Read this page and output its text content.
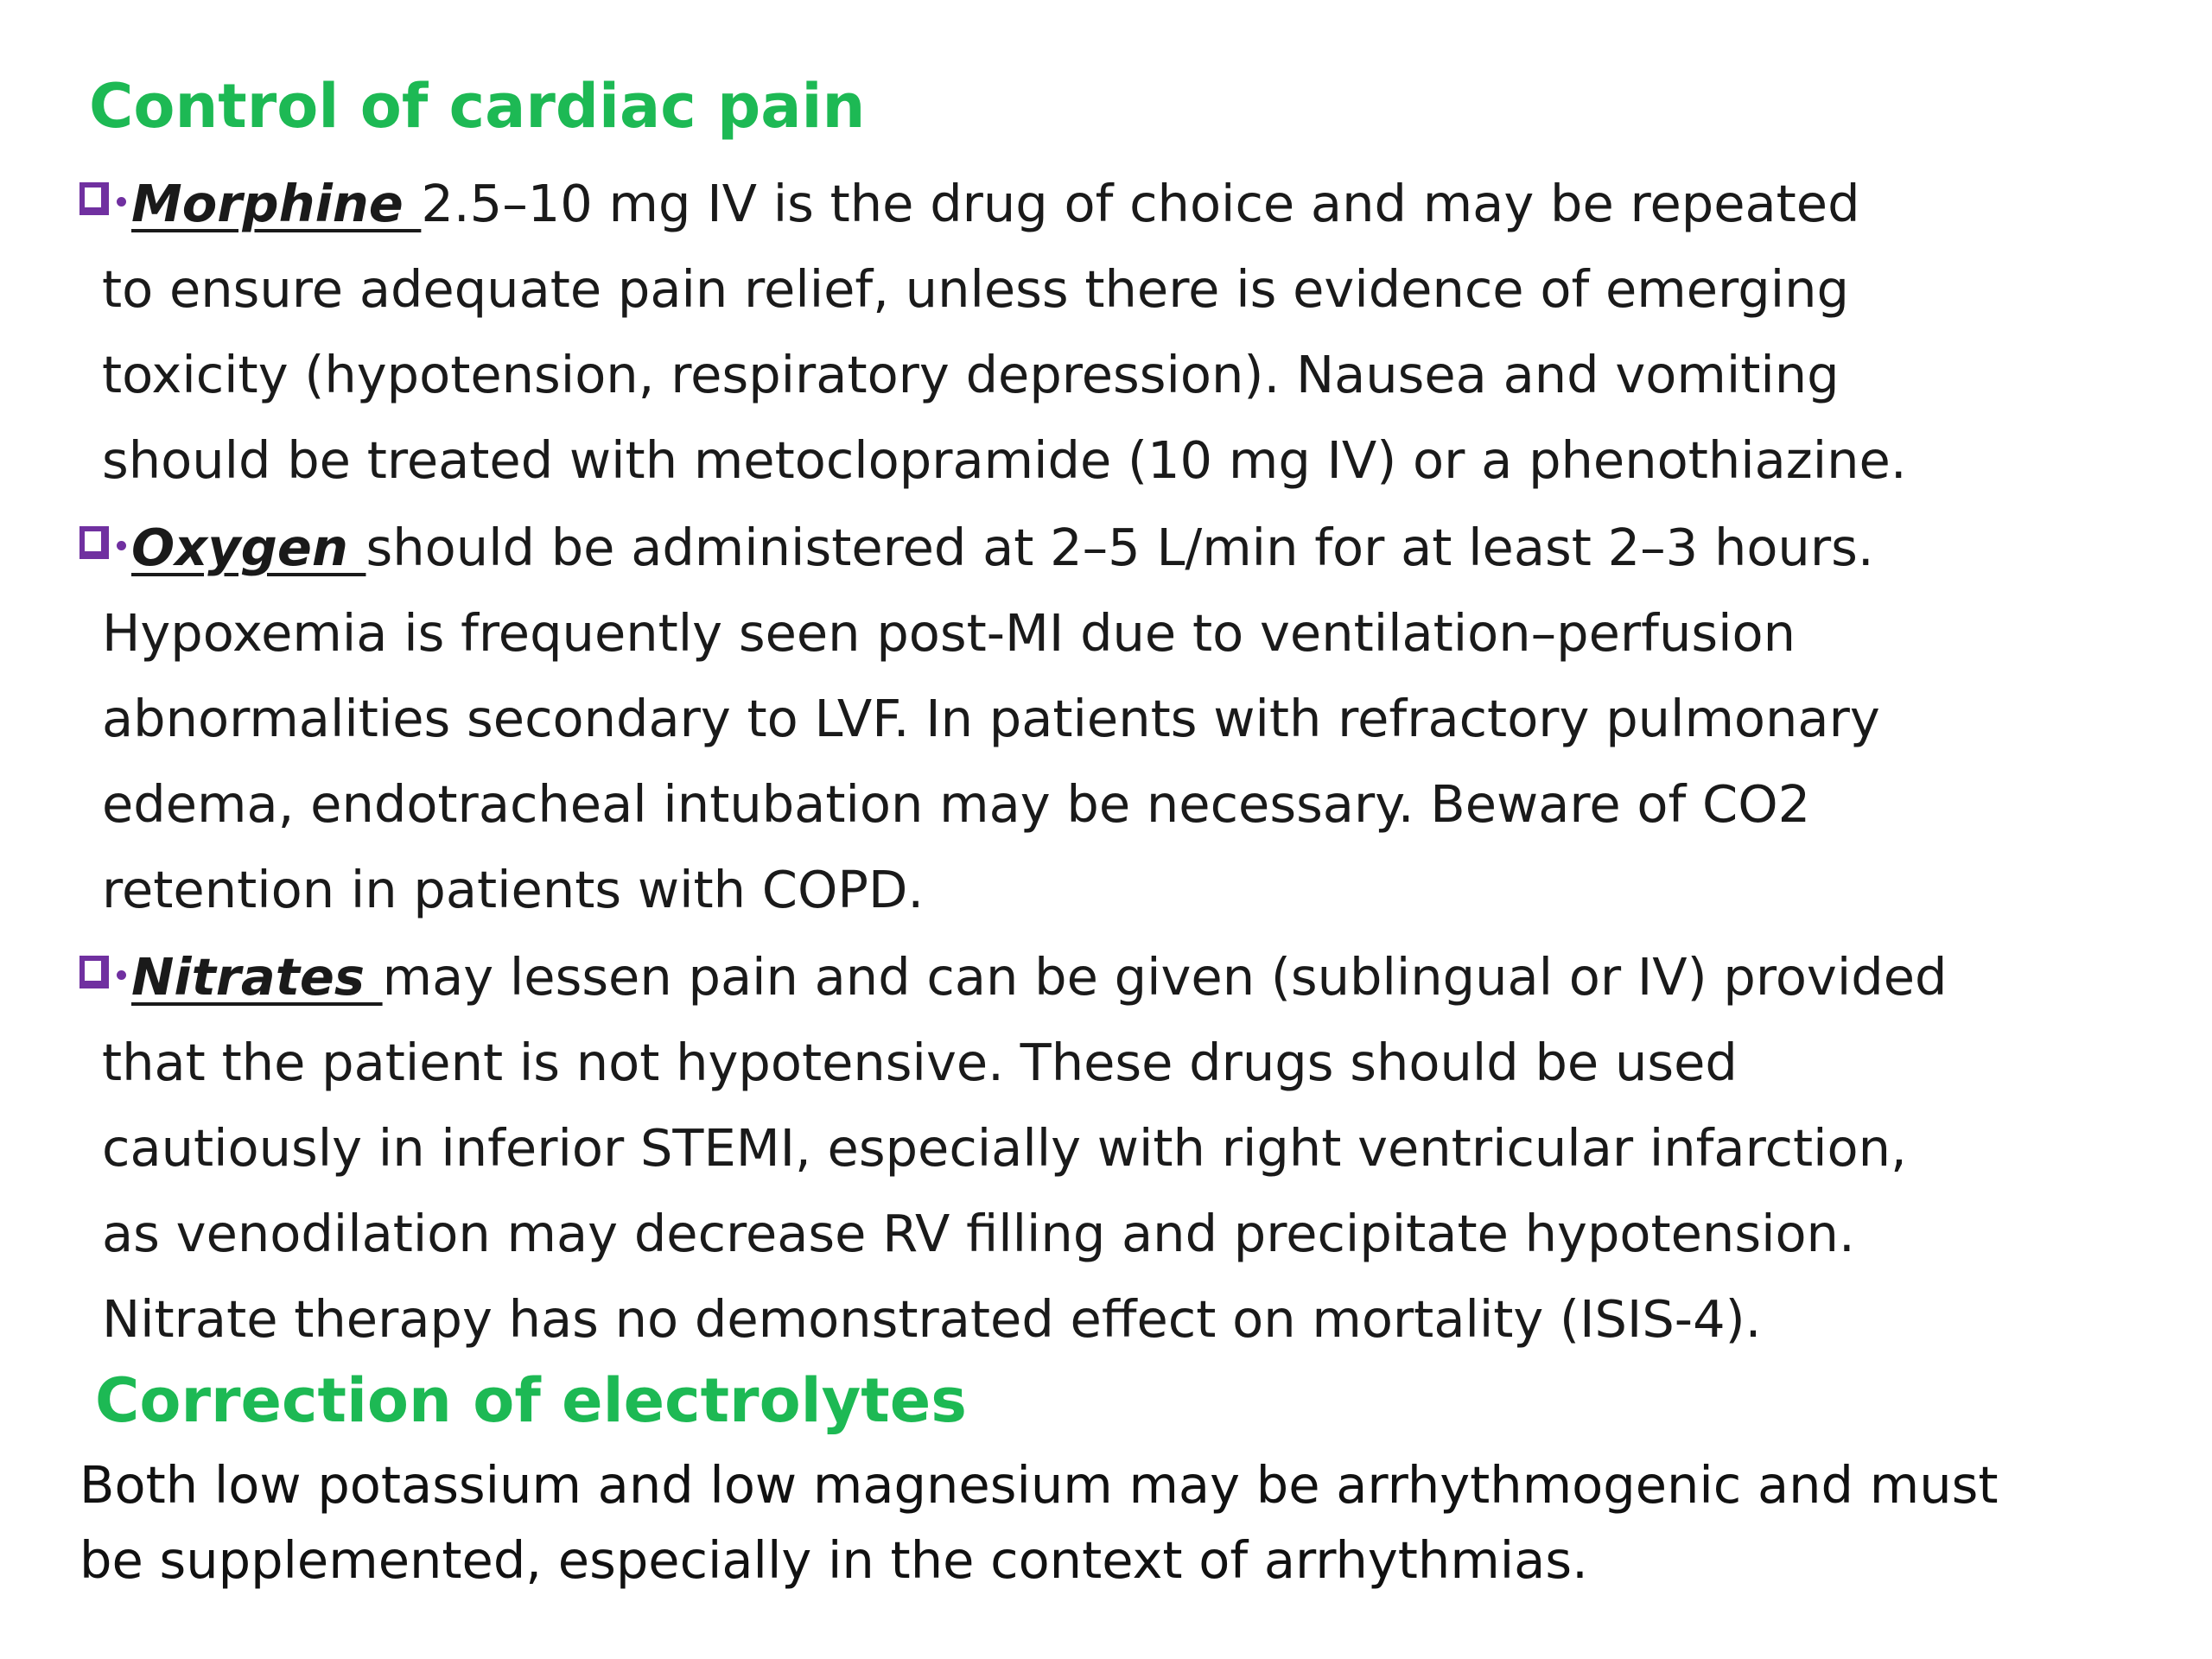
Control of cardiac pain
Morphine 2.5–10 mg IV is the drug of choice and may be repeated
to ensure adequate pain relief, unless there is evidence of emerging
toxicity (hypotension, respiratory depression). Nausea and vomiting
should be treated with metoclopramide (10 mg IV) or a phenothiazine.
Oxygen should be administered at 2–5 L/min for at least 2–3 hours.
Hypoxemia is frequently seen post-MI due to ventilation–perfusion
abnormalities secondary to LVF. In patients with refractory pulmonary
edema, endotracheal intubation may be necessary. Beware of CO2
retention in patients with COPD.
Nitrates may lessen pain and can be given (sublingual or IV) provided
that the patient is not hypotensive. These drugs should be used
cautiously in inferior STEMI, especially with right ventricular infarction,
as venodilation may decrease RV filling and precipitate hypotension.
Nitrate therapy has no demonstrated effect on mortality (ISIS-4).
Correction of electrolytes
Both low potassium and low magnesium may be arrhythmogenic and must
be supplemented, especially in the context of arrhythmias.
